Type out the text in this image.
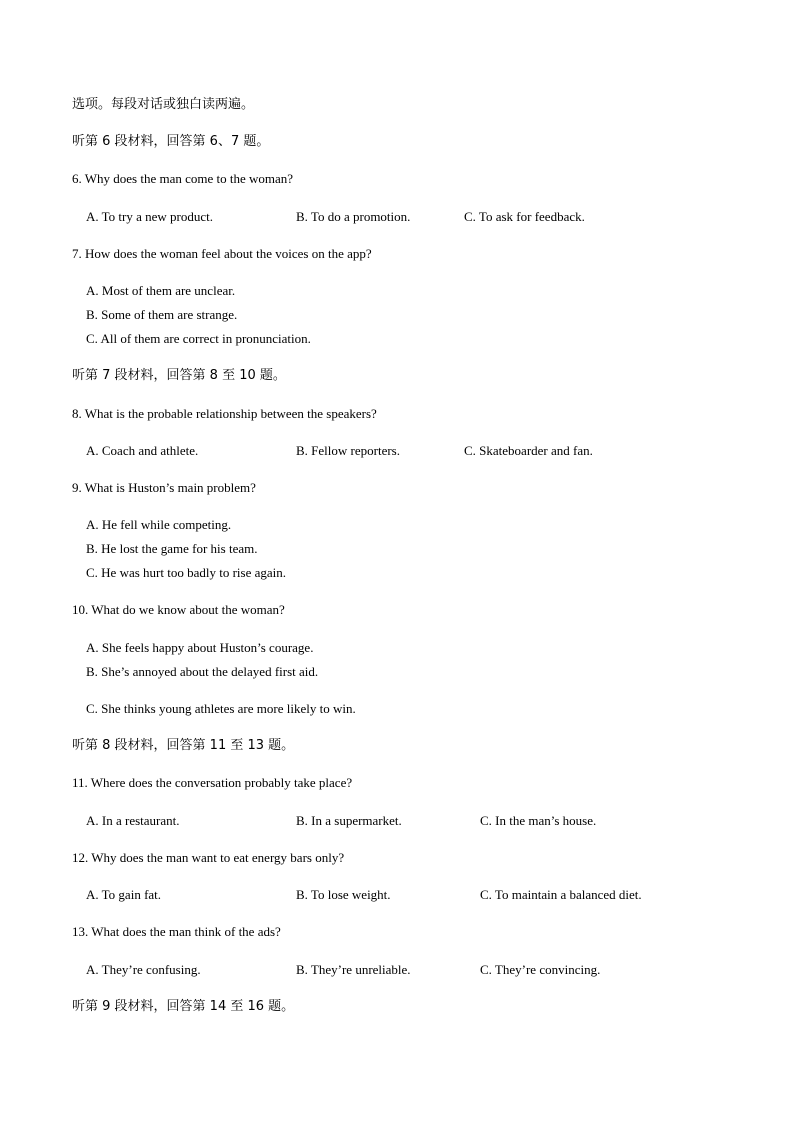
选项。每段对话或独白读两遍。
听第 6 段材料，回答第 6、7 题。
6. Why does the man come to the woman?
A. To try a new product.	B. To do a promotion.	C. To ask for feedback.
7. How does the woman feel about the voices on the app?
A. Most of them are unclear.
B. Some of them are strange.
C. All of them are correct in pronunciation.
听第 7 段材料，回答第 8 至 10 题。
8. What is the probable relationship between the speakers?
A. Coach and athlete.	B. Fellow reporters.	C. Skateboarder and fan.
9. What is Huston’s main problem?
A. He fell while competing.
B. He lost the game for his team.
C. He was hurt too badly to rise again.
10. What do we know about the woman?
A. She feels happy about Huston’s courage.
B. She’s annoyed about the delayed first aid.
C. She thinks young athletes are more likely to win.
听第 8 段材料，回答第 11 至 13 题。
11. Where does the conversation probably take place?
A. In a restaurant.	B. In a supermarket.	C. In the man’s house.
12. Why does the man want to eat energy bars only?
A. To gain fat.	B. To lose weight.	C. To maintain a balanced diet.
13. What does the man think of the ads?
A. They’re confusing.	B. They’re unreliable.	C. They’re convincing.
听第 9 段材料，回答第 14 至 16 题。
